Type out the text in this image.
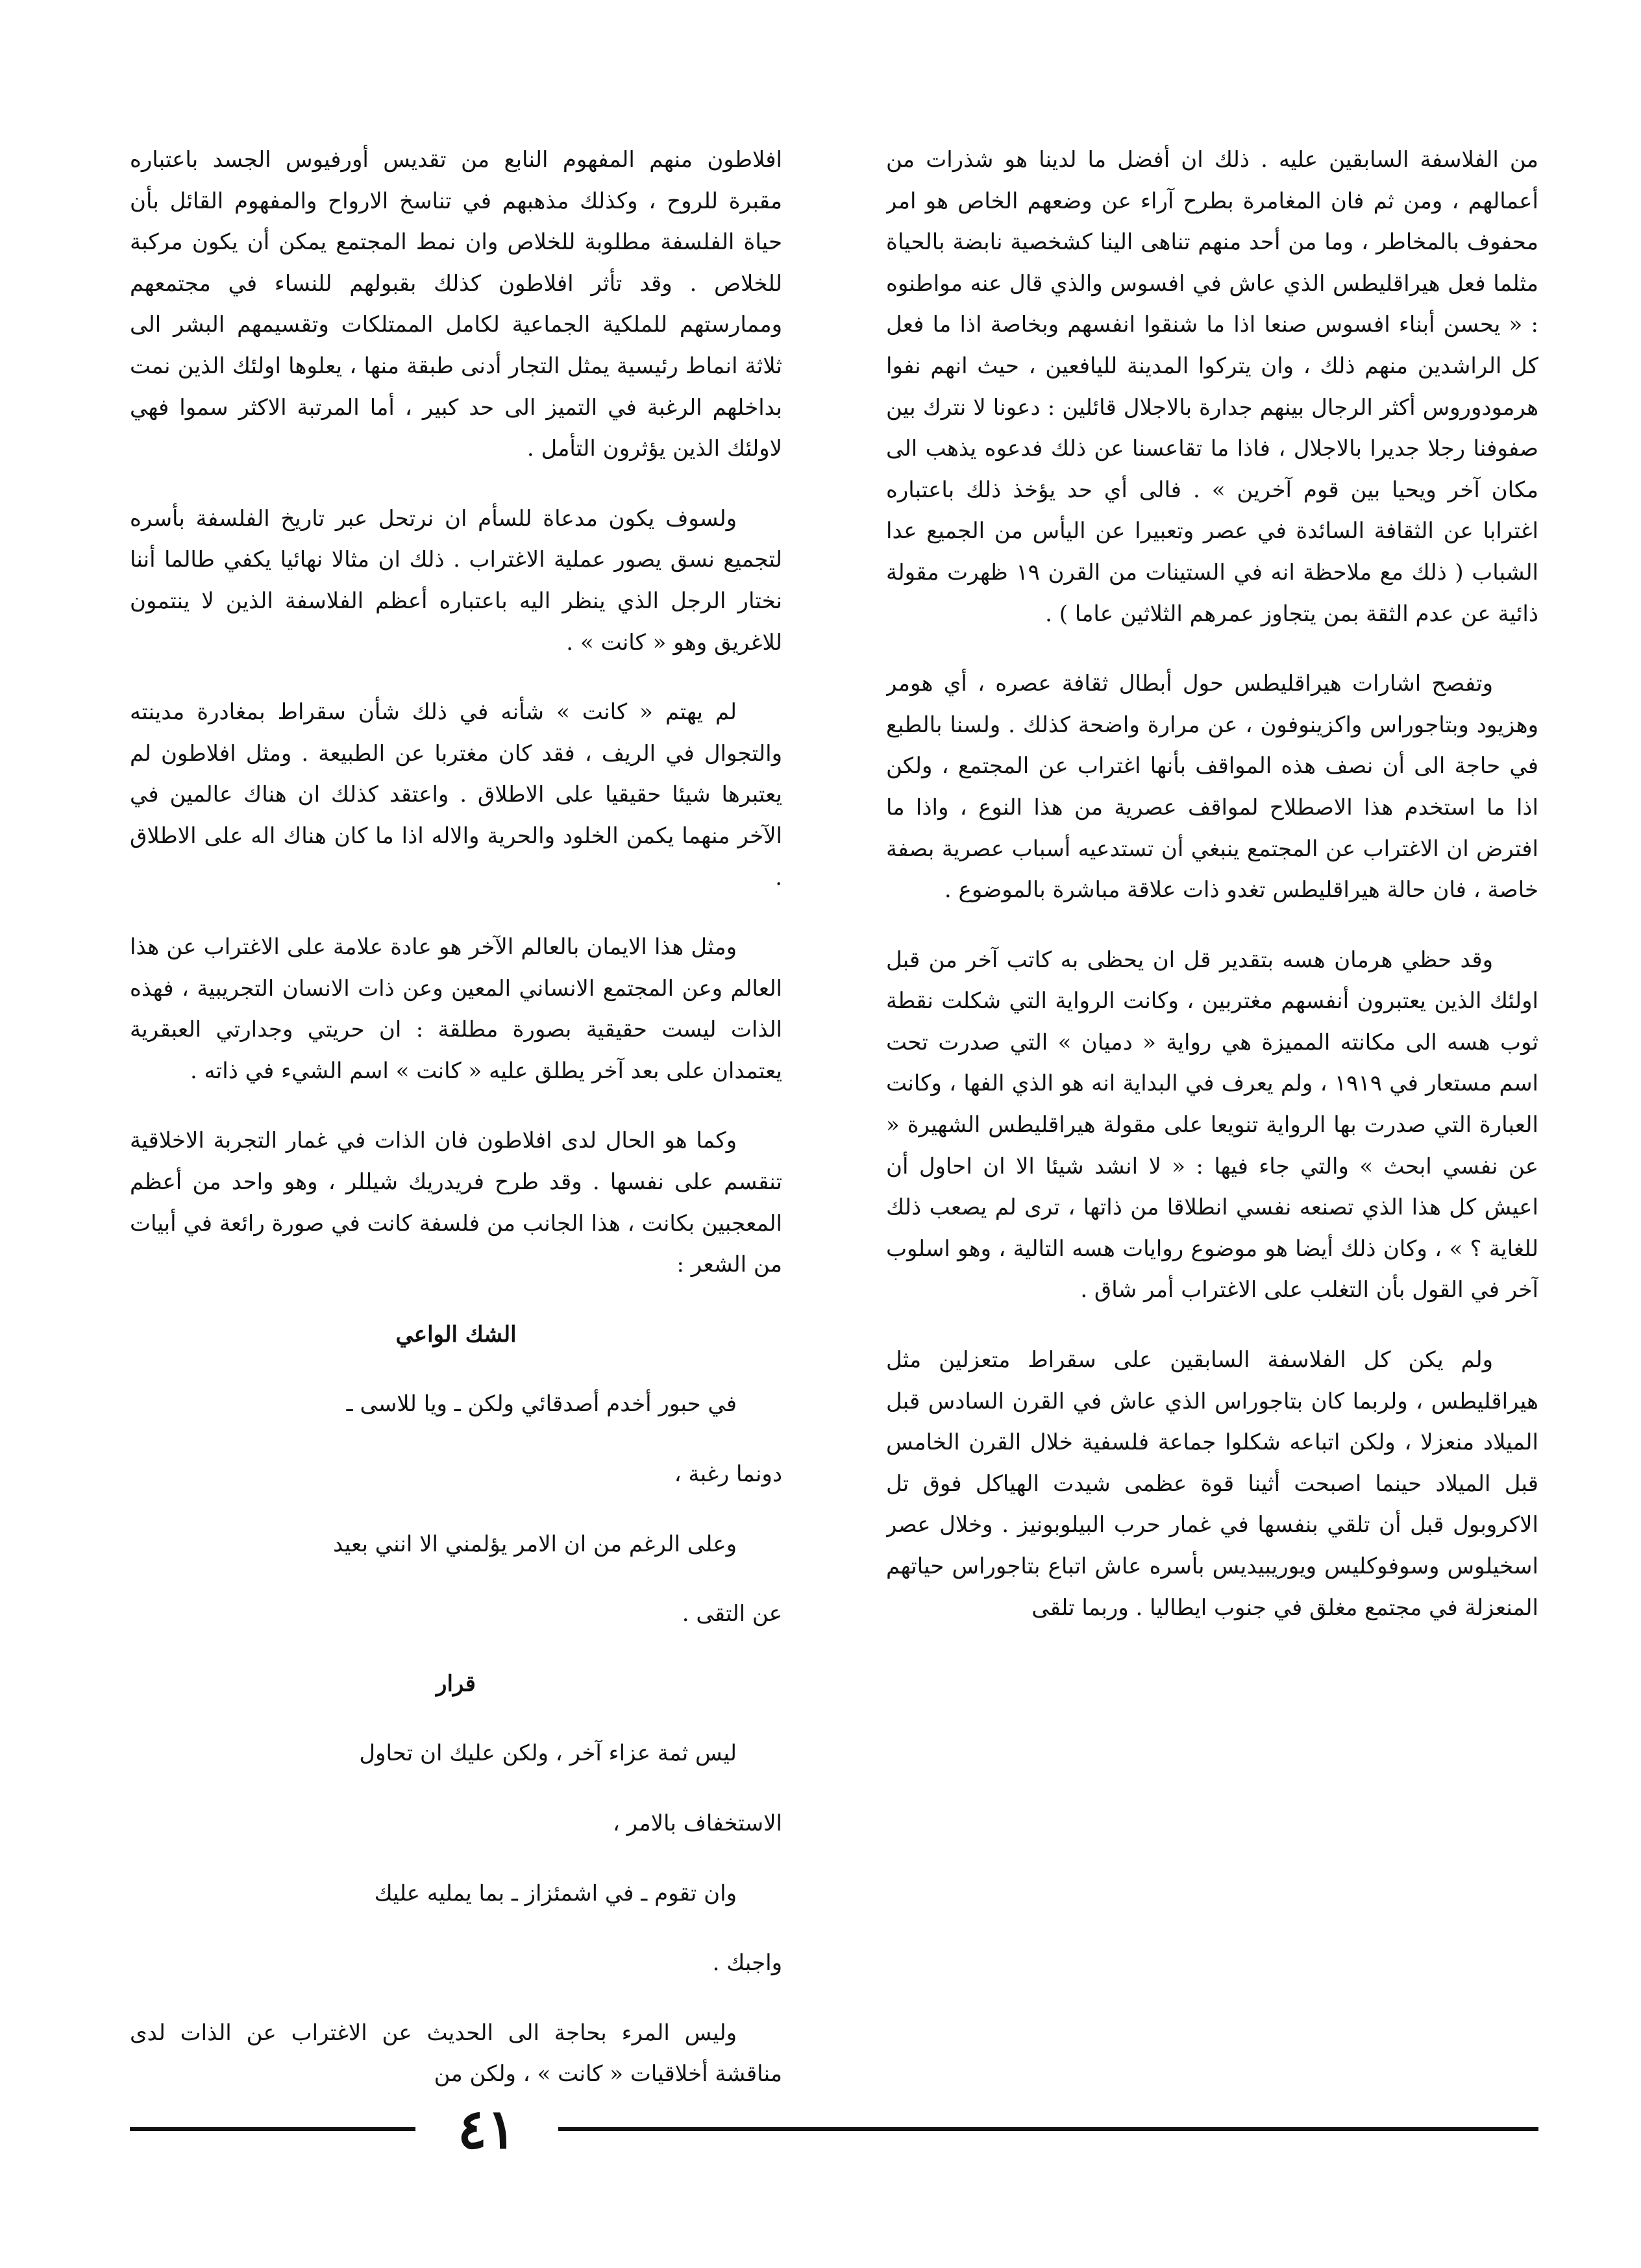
من الفلاسفة السابقين عليه . ذلك ان أفضل ما لدينا هو شذرات من أعمالهم ، ومن ثم فان المغامرة بطرح آراء عن وضعهم الخاص هو امر محفوف بالمخاطر ، وما من أحد منهم تناهى الينا كشخصية نابضة بالحياة مثلما فعل هيراقليطس الذي عاش في افسوس والذي قال عنه مواطنوه : « يحسن أبناء افسوس صنعا اذا ما شنقوا انفسهم وبخاصة اذا ما فعل كل الراشدين منهم ذلك ، وان يتركوا المدينة لليافعين ، حيث انهم نفوا هرمودوروس أكثر الرجال بينهم جدارة بالاجلال قائلين : دعونا لا نترك بين صفوفنا رجلا جديرا بالاجلال ، فاذا ما تقاعسنا عن ذلك فدعوه يذهب الى مكان آخر ويحيا بين قوم آخرين » . فالى أي حد يؤخذ ذلك باعتباره اغترابا عن الثقافة السائدة في عصر وتعبيرا عن اليأس من الجميع عدا الشباب ( ذلك مع ملاحظة انه في الستينات من القرن ١٩ ظهرت مقولة ذائية عن عدم الثقة بمن يتجاوز عمرهم الثلاثين عاما ) .

وتفصح اشارات هيراقليطس حول أبطال ثقافة عصره ، أي هومر وهزيود وبتاجوراس واكزينوفون ، عن مرارة واضحة كذلك . ولسنا بالطبع في حاجة الى أن نصف هذه المواقف بأنها اغتراب عن المجتمع ، ولكن اذا ما استخدم هذا الاصطلاح لمواقف عصرية من هذا النوع ، واذا ما افترض ان الاغتراب عن المجتمع ينبغي أن تستدعيه أسباب عصرية بصفة خاصة ، فان حالة هيراقليطس تغدو ذات علاقة مباشرة بالموضوع .

وقد حظي هرمان هسه بتقدير قل ان يحظى به كاتب آخر من قبل اولئك الذين يعتبرون أنفسهم مغتربين ، وكانت الرواية التي شكلت نقطة ثوب هسه الى مكانته المميزة هي رواية « دميان » التي صدرت تحت اسم مستعار في ١٩١٩ ، ولم يعرف في البداية انه هو الذي الفها ، وكانت العبارة التي صدرت بها الرواية تنويعا على مقولة هيراقليطس الشهيرة « عن نفسي ابحث » والتي جاء فيها : « لا انشد شيئا الا ان احاول أن اعيش كل هذا الذي تصنعه نفسي انطلاقا من ذاتها ، ترى لم يصعب ذلك للغاية ؟ » ، وكان ذلك أيضا هو موضوع روايات هسه التالية ، وهو اسلوب آخر في القول بأن التغلب على الاغتراب أمر شاق .

ولم يكن كل الفلاسفة السابقين على سقراط متعزلين مثل هيراقليطس ، ولربما كان بتاجوراس الذي عاش في القرن السادس قبل الميلاد منعزلا ، ولكن اتباعه شكلوا جماعة فلسفية خلال القرن الخامس قبل الميلاد حينما اصبحت أثينا قوة عظمى شيدت الهياكل فوق تل الاكروبول قبل أن تلقي بنفسها في غمار حرب البيلوبونيز . وخلال عصر اسخيلوس وسوفوكليس ويوريبيديس بأسره عاش اتباع بتاجوراس حياتهم المنعزلة في مجتمع مغلق في جنوب ايطاليا . وربما تلقى

افلاطون منهم المفهوم النابع من تقديس أورفيوس الجسد باعتباره مقبرة للروح ، وكذلك مذهبهم في تناسخ الارواح والمفهوم القائل بأن حياة الفلسفة مطلوبة للخلاص وان نمط المجتمع يمكن أن يكون مركبة للخلاص . وقد تأثر افلاطون كذلك بقبولهم للنساء في مجتمعهم وممارستهم للملكية الجماعية لكامل الممتلكات وتقسيمهم البشر الى ثلاثة انماط رئيسية يمثل التجار أدنى طبقة منها ، يعلوها اولئك الذين نمت بداخلهم الرغبة في التميز الى حد كبير ، أما المرتبة الاكثر سموا فهي لاولئك الذين يؤثرون التأمل .

ولسوف يكون مدعاة للسأم ان نرتحل عبر تاريخ الفلسفة بأسره لتجميع نسق يصور عملية الاغتراب . ذلك ان مثالا نهائيا يكفي طالما أننا نختار الرجل الذي ينظر اليه باعتباره أعظم الفلاسفة الذين لا ينتمون للاغريق وهو « كانت » .

لم يهتم « كانت » شأنه في ذلك شأن سقراط بمغادرة مدينته والتجوال في الريف ، فقد كان مغتربا عن الطبيعة . ومثل افلاطون لم يعتبرها شيئا حقيقيا على الاطلاق . واعتقد كذلك ان هناك عالمين في الآخر منهما يكمن الخلود والحرية والاله اذا ما كان هناك اله على الاطلاق .

ومثل هذا الايمان بالعالم الآخر هو عادة علامة على الاغتراب عن هذا العالم وعن المجتمع الانساني المعين وعن ذات الانسان التجريبية ، فهذه الذات ليست حقيقية بصورة مطلقة : ان حريتي وجدارتي العبقرية يعتمدان على بعد آخر يطلق عليه « كانت » اسم الشيء في ذاته .

وكما هو الحال لدى افلاطون فان الذات في غمار التجربة الاخلاقية تنقسم على نفسها . وقد طرح فريدريك شيللر ، وهو واحد من أعظم المعجبين بكانت ، هذا الجانب من فلسفة كانت في صورة رائعة في أبيات من الشعر :

الشك الواعي

في حبور أخدم أصدقائي ولكن ـ ويا للاسى ـ

دونما رغبة ،

وعلى الرغم من ان الامر يؤلمني الا انني بعيد

عن التقى .

قرار

ليس ثمة عزاء آخر ، ولكن عليك ان تحاول

الاستخفاف بالامر ،

وان تقوم ـ في اشمئزاز ـ بما يمليه عليك

واجبك .

وليس المرء بحاجة الى الحديث عن الاغتراب عن الذات لدى مناقشة أخلاقيات « كانت » ، ولكن من

٤١
